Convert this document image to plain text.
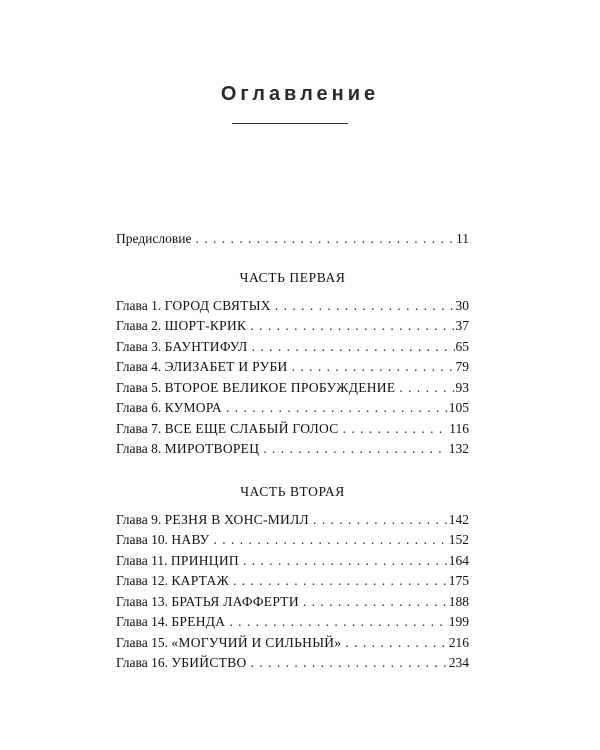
Оглавление
Предисловие . . .	11
ЧАСТЬ ПЕРВАЯ
Глава 1. ГОРОД СВЯТЫХ . . .	30
Глава 2. ШОРТ-КРИК . . .	37
Глава 3. БАУНТИФУЛ . . .	65
Глава 4. ЭЛИЗАБЕТ И РУБИ . . .	79
Глава 5. ВТОРОЕ ВЕЛИКОЕ ПРОБУЖДЕНИЕ . . .	93
Глава 6. КУМОРА . . .	105
Глава 7. ВСЕ ЕЩЕ СЛАБЫЙ ГОЛОС . . .	116
Глава 8. МИРОТВОРЕЦ . . .	132
ЧАСТЬ ВТОРАЯ
Глава 9. РЕЗНЯ В ХОНС-МИЛЛ . . .	142
Глава 10. НАВУ . . .	152
Глава 11. ПРИНЦИП . . .	164
Глава 12. КАРТАЖ . . .	175
Глава 13. БРАТЬЯ ЛАФФЕРТИ . . .	188
Глава 14. БРЕНДА . . .	199
Глава 15. «МОГУЧИЙ И СИЛЬНЫЙ» . . .	216
Глава 16. УБИЙСТВО . . .	234
